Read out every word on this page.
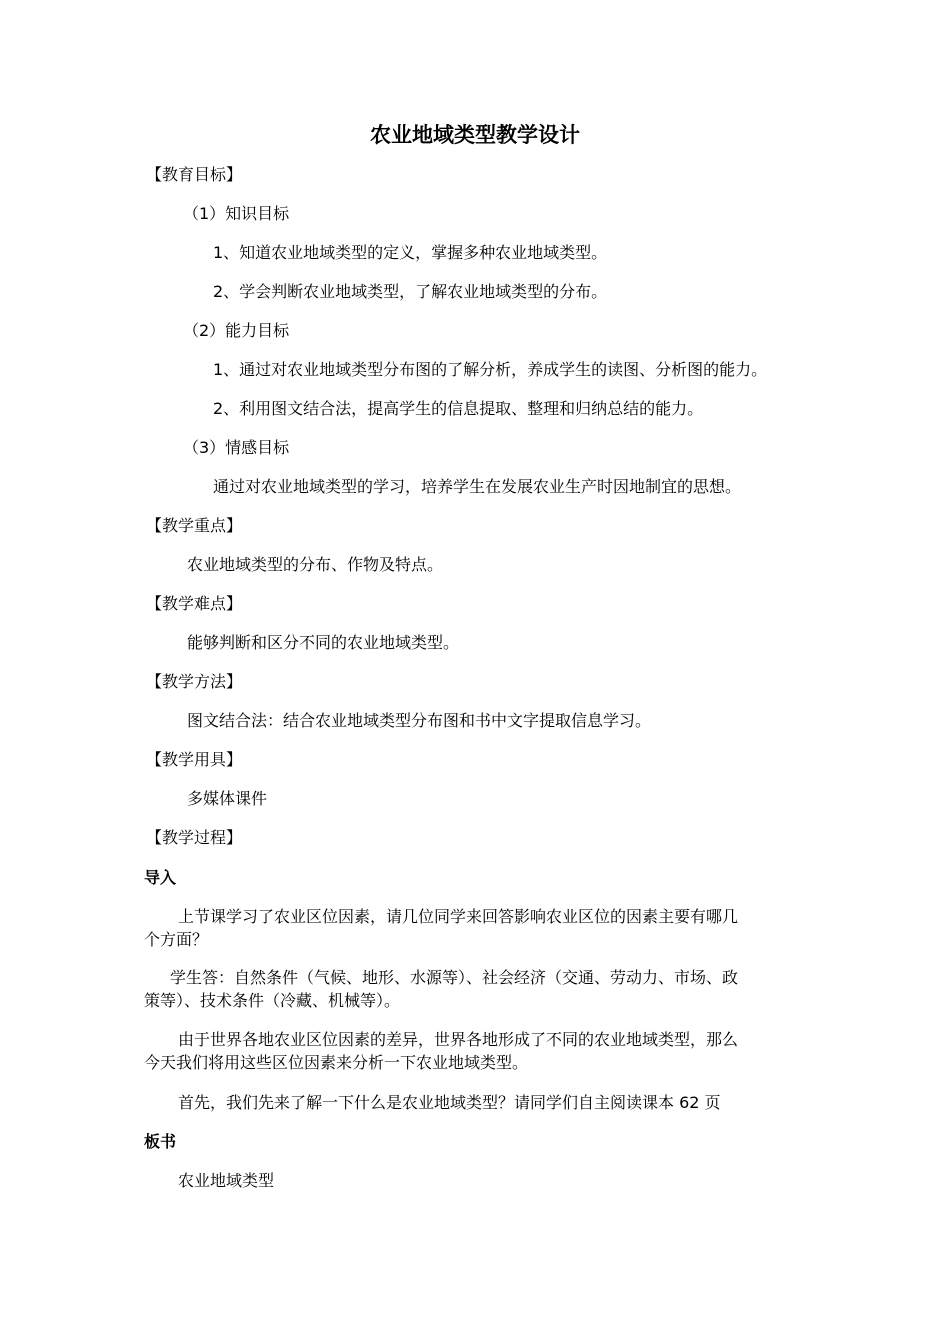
农业地域类型教学设计
【教育目标】
（1）知识目标
1、知道农业地域类型的定义，掌握多种农业地域类型。
2、学会判断农业地域类型，了解农业地域类型的分布。
（2）能力目标
1、通过对农业地域类型分布图的了解分析，养成学生的读图、分析图的能力。
2、利用图文结合法，提高学生的信息提取、整理和归纳总结的能力。
（3）情感目标
通过对农业地域类型的学习，培养学生在发展农业生产时因地制宜的思想。
【教学重点】
农业地域类型的分布、作物及特点。
【教学难点】
能够判断和区分不同的农业地域类型。
【教学方法】
图文结合法：结合农业地域类型分布图和书中文字提取信息学习。
【教学用具】
多媒体课件
【教学过程】
导入
上节课学习了农业区位因素，请几位同学来回答影响农业区位的因素主要有哪几
个方面？
学生答：自然条件（气候、地形、水源等）、社会经济（交通、劳动力、市场、政
策等）、技术条件（冷藏、机械等）。
由于世界各地农业区位因素的差异，世界各地形成了不同的农业地域类型，那么
今天我们将用这些区位因素来分析一下农业地域类型。
首先，我们先来了解一下什么是农业地域类型？请同学们自主阅读课本 62 页
板书
农业地域类型
